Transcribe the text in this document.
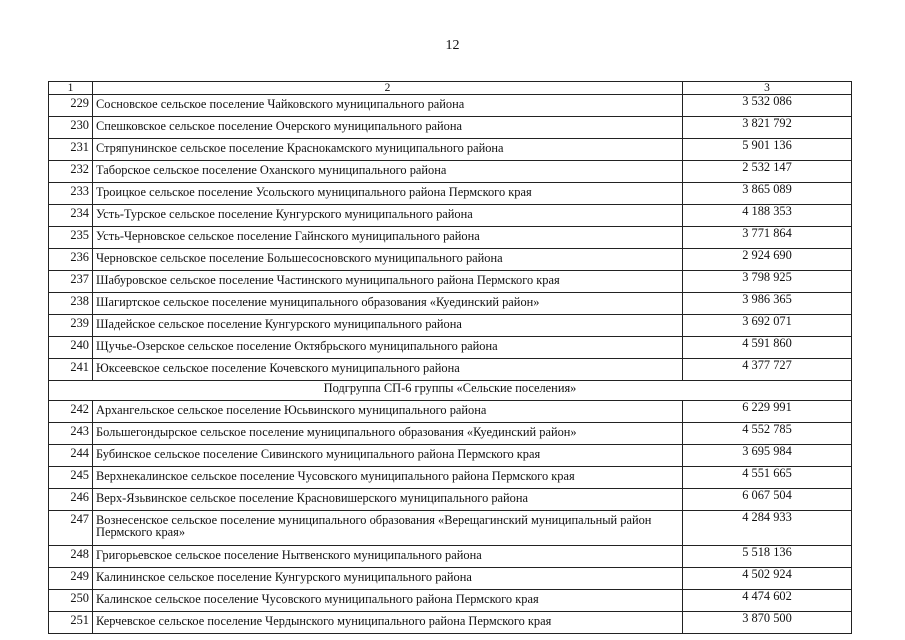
12
1	2	3
229	Сосновское сельское поселение Чайковского муниципального района	3 532 086
230	Спешковское сельское поселение Очерского муниципального района	3 821 792
231	Стряпунинское сельское поселение Краснокамского муниципального района	5 901 136
232	Таборское сельское поселение Оханского муниципального района	2 532 147
233	Троицкое сельское поселение Усольского муниципального района Пермского края	3 865 089
234	Усть-Турское сельское поселение Кунгурского муниципального района	4 188 353
235	Усть-Черновское сельское поселение Гайнского муниципального района	3 771 864
236	Черновское сельское поселение Большесосновского муниципального района	2 924 690
237	Шабуровское сельское поселение Частинского муниципального района Пермского края	3 798 925
238	Шагиртское сельское поселение муниципального образования «Куединский район»	3 986 365
239	Шадейское сельское поселение Кунгурского муниципального района	3 692 071
240	Щучье-Озерское сельское поселение Октябрьского муниципального района	4 591 860
241	Юксеевское сельское поселение Кочевского муниципального района	4 377 727
Подгруппа СП-6 группы «Сельские поселения»		
242	Архангельское сельское поселение Юсьвинского муниципального района	6 229 991
243	Большегондырское сельское поселение муниципального образования «Куединский район»	4 552 785
244	Бубинское сельское поселение Сивинского муниципального района Пермского края	3 695 984
245	Верхнекалинское сельское поселение Чусовского муниципального района Пермского края	4 551 665
246	Верх-Язьвинское сельское поселение Красновишерского муниципального района	6 067 504
247	Вознесенское сельское поселение муниципального образования «Верещагинский муниципальный район Пермского края»	4 284 933
248	Григорьевское сельское поселение Нытвенского муниципального района	5 518 136
249	Калининское сельское поселение Кунгурского муниципального района	4 502 924
250	Калинское сельское поселение Чусовского муниципального района Пермского края	4 474 602
251	Керчевское сельское поселение Чердынского муниципального района Пермского края	3 870 500
